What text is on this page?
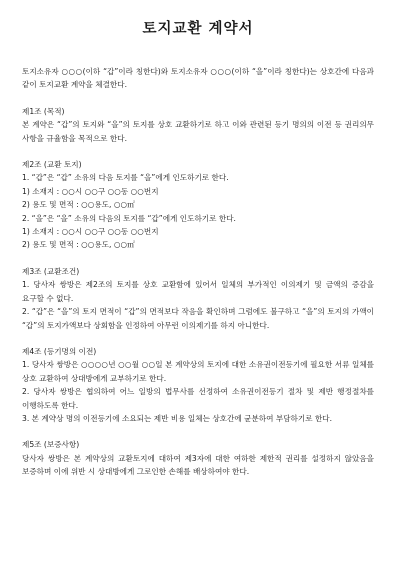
토지교환 계약서

토지소유자 ○○○(이하 “갑”이라 칭한다)와 토지소유자 ○○○(이하 “을”이라 칭한다)는 상호간에 다음과 같이 토지교환 계약을 체결한다.

제1조 (목적)

본 계약은 “갑”의 토지와 “을”의 토지를 상호 교환하기로 하고 이와 관련된 등기 명의의 이전 등 권리의무 사항을 규율함을 목적으로 한다.

제2조 (교환 토지)

1. “갑”은 “갑” 소유의 다음 토지를 “을”에게 인도하기로 한다.

1) 소재지 : ○○시 ○○구 ○○동 ○○번지

2) 용도 및 면적 : ○○용도, ○○㎡

2. “을”은 “을” 소유의 다음의 토지를 “갑”에게 인도하기로 한다.

1) 소재지 : ○○시 ○○구 ○○동 ○○번지

2) 용도 및 면적 : ○○용도, ○○㎡

제3조 (교환조건)

1. 당사자 쌍방은 제2조의 토지를 상호 교환함에 있어서 일체의 부가적인 이의제기 및 금액의 증감을 요구할 수 없다.

2. “갑”은 “을”의 토지 면적이 “갑”의 면적보다 작음을 확인하며 그럼에도 불구하고 “을”의 토지의 가액이 “갑”의 토지가액보다 상회함을 인정하여 아무런 이의제기를 하지 아니한다.

제4조 (등기명의 이전)

1. 당사자 쌍방은 ○○○○년 ○○월 ○○일 본 계약상의 토지에 대한 소유권이전등기에 필요한 서류 일체를 상호 교환하여 상대방에게 교부하기로 한다.

2. 당사자 쌍방은 협의하여 어느 일방의 법무사를 선정하여 소유권이전등기 절차 및 제반 행정절차를 이행하도록 한다.

3. 본 계약상 명의 이전등기에 소요되는 제반 비용 일체는 상호간에 균분하여 부담하기로 한다.

제5조 (보증사항)

당사자 쌍방은 본 계약상의 교환토지에 대하여 제3자에 대한 여하한 제한적 권리를 설정하지 않았음을 보증하며 이에 위반 시 상대방에게 그로인한 손해를 배상하여야 한다.
